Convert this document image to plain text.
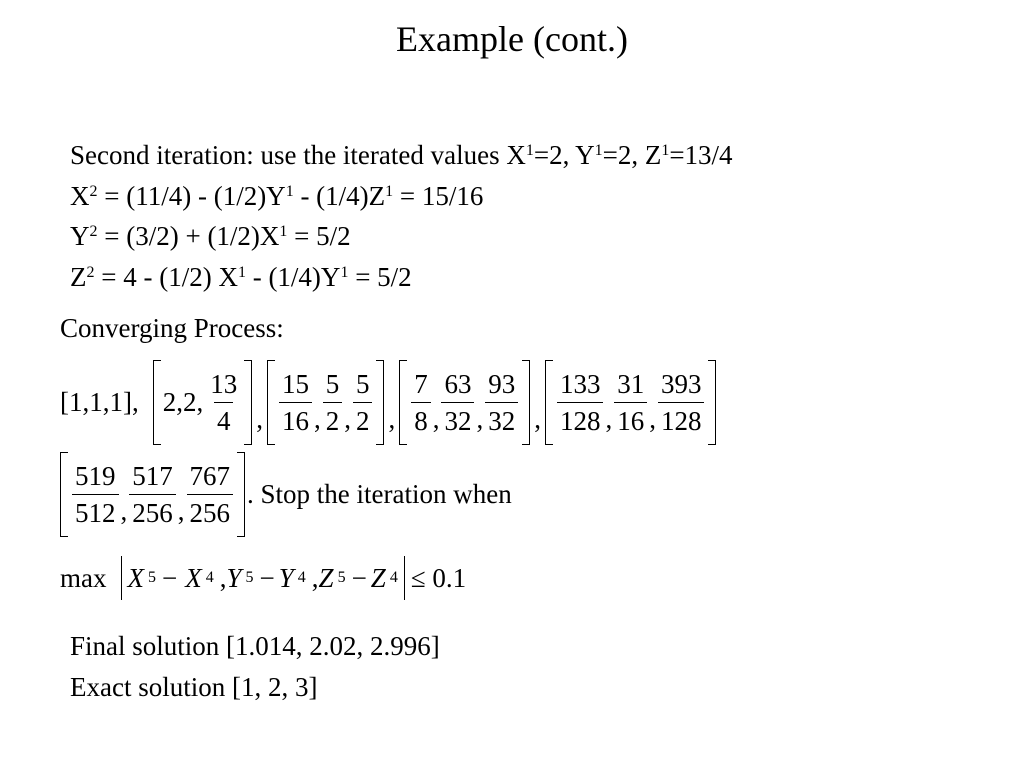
Example (cont.)
Second iteration: use the iterated values $X^1=2$, $Y^1=2$, $Z^1=13/4$
$X^2 = (11/4) - (1/2)Y^1 - (1/4)Z^1 = 15/16$
$Y^2 = (3/2) + (1/2)X^1 = 5/2$
$Z^2 = 4 - (1/2)$ $X^1 - (1/4)Y^1 = 5/2$
Converging Process:
[1,1,1], 2,2, $\frac{13}{4}$ , $\frac{15}{16}$ , $\frac{5}{2}$ , $\frac{5}{2}$ , $\frac{7}{8}$ , $\frac{63}{32}$ , $\frac{93}{32}$ , $\frac{133}{128}$ , $\frac{31}{16}$ , $\frac{393}{128}$
$\frac{519}{512}$ , $\frac{517}{256}$ , $\frac{767}{256}$ . Stop the iteration when
max X 5 − X 4 , Y 5 − Y 4 , Z 5 − Z 4 ≤ 0.1
Final solution [1.014, 2.02, 2.996]
Exact solution [1, 2, 3]
